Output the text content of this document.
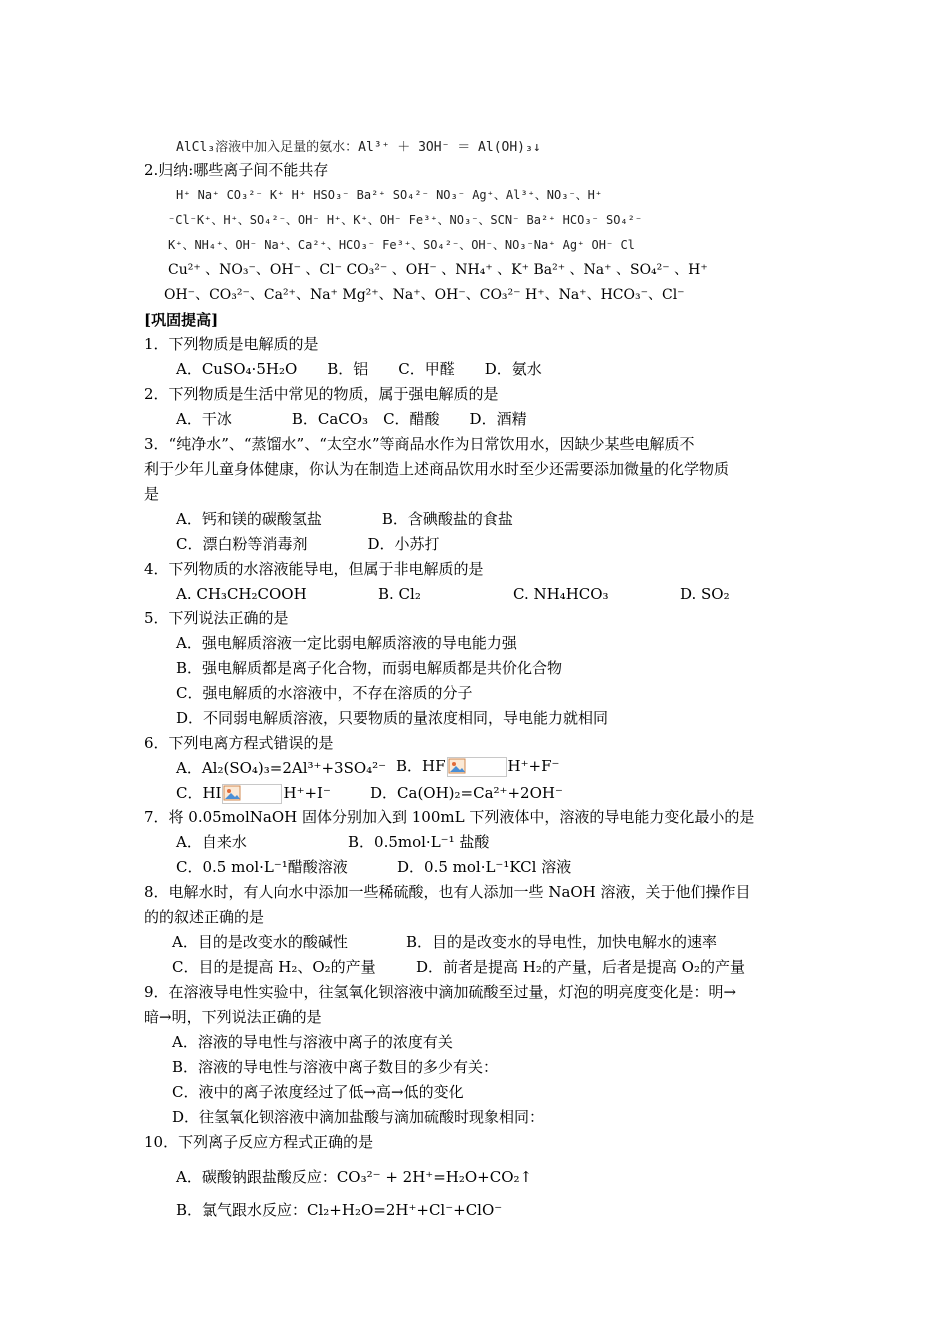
AlCl₃溶液中加入足量的氨水：Al³⁺ ＋ 3OH⁻ ＝ Al(OH)₃↓
2.归纳:哪些离子间不能共存
H⁺ Na⁺ CO₃²⁻ K⁺ H⁺ HSO₃⁻ Ba²⁺ SO₄²⁻ NO₃⁻ Ag⁺、Al³⁺、NO₃⁻、H⁺
⁻Cl⁻K⁺、H⁺、SO₄²⁻、OH⁻ H⁺、K⁺、OH⁻ Fe³⁺、NO₃⁻、SCN⁻ Ba²⁺ HCO₃⁻ SO₄²⁻
K⁺、NH₄⁺、OH⁻ Na⁺、Ca²⁺、HCO₃⁻ Fe³⁺、SO₄²⁻、OH⁻、NO₃⁻Na⁺ Ag⁺ OH⁻ Cl
Cu²⁺ 、NO₃⁻、OH⁻ 、Cl⁻ CO₃²⁻ 、OH⁻ 、NH₄⁺ 、K⁺ Ba²⁺ 、Na⁺ 、SO₄²⁻ 、H⁺
OH⁻、CO₃²⁻、Ca²⁺、Na⁺ Mg²⁺、Na⁺、OH⁻、CO₃²⁻ H⁺、Na⁺、HCO₃⁻、Cl⁻
[巩固提高]
1．下列物质是电解质的是
A．CuSO₄·5H₂O　　B．铝　　C．甲醛　　D．氨水
2．下列物质是生活中常见的物质，属于强电解质的是
A．干冰　　　　B．CaCO₃　C．醋酸　　D．酒精
3．“纯净水”、“蒸馏水”、“太空水”等商品水作为日常饮用水，因缺少某些电解质不
利于少年儿童身体健康，你认为在制造上述商品饮用水时至少还需要添加微量的化学物质
是
A．钙和镁的碳酸氢盐　　　　B．含碘酸盐的食盐
C．漂白粉等消毒剂　　　　D．小苏打
4．下列物质的水溶液能导电，但属于非电解质的是
A. CH₃CH₂COOH	B. Cl₂	C. NH₄HCO₃	D. SO₂
5．下列说法正确的是
A．强电解质溶液一定比弱电解质溶液的导电能力强
B．强电解质都是离子化合物，而弱电解质都是共价化合物
C．强电解质的水溶液中，不存在溶质的分子
D．不同弱电解质溶液，只要物质的量浓度相同，导电能力就相同
6．下列电离方程式错误的是
A．Al₂(SO₄)₃=2Al³⁺+3SO₄²⁻ B．HF	H⁺+F⁻
C．HI	H⁺+I⁻	D．Ca(OH)₂=Ca²⁺+2OH⁻
7．将 0.05molNaOH 固体分别加入到 100mL 下列液体中，溶液的导电能力变化最小的是
A．自来水	B．0.5mol·L⁻¹ 盐酸
C．0.5 mol·L⁻¹醋酸溶液	D．0.5 mol·L⁻¹KCl 溶液
8．电解水时，有人向水中添加一些稀硫酸，也有人添加一些 NaOH 溶液，关于他们操作目
的的叙述正确的是
A．目的是改变水的酸碱性	B．目的是改变水的导电性，加快电解水的速率
C．目的是提高 H₂、O₂的产量	D．前者是提高 H₂的产量，后者是提高 O₂的产量
9．在溶液导电性实验中，往氢氧化钡溶液中滴加硫酸至过量，灯泡的明亮度变化是：明→
暗→明，下列说法正确的是
A．溶液的导电性与溶液中离子的浓度有关
B．溶液的导电性与溶液中离子数目的多少有关：
C．液中的离子浓度经过了低→高→低的变化
D．往氢氧化钡溶液中滴加盐酸与滴加硫酸时现象相同：
10．下列离子反应方程式正确的是
A．碳酸钠跟盐酸反应：CO₃²⁻ + 2H⁺=H₂O+CO₂↑
B．氯气跟水反应：Cl₂+H₂O=2H⁺+Cl⁻+ClO⁻
